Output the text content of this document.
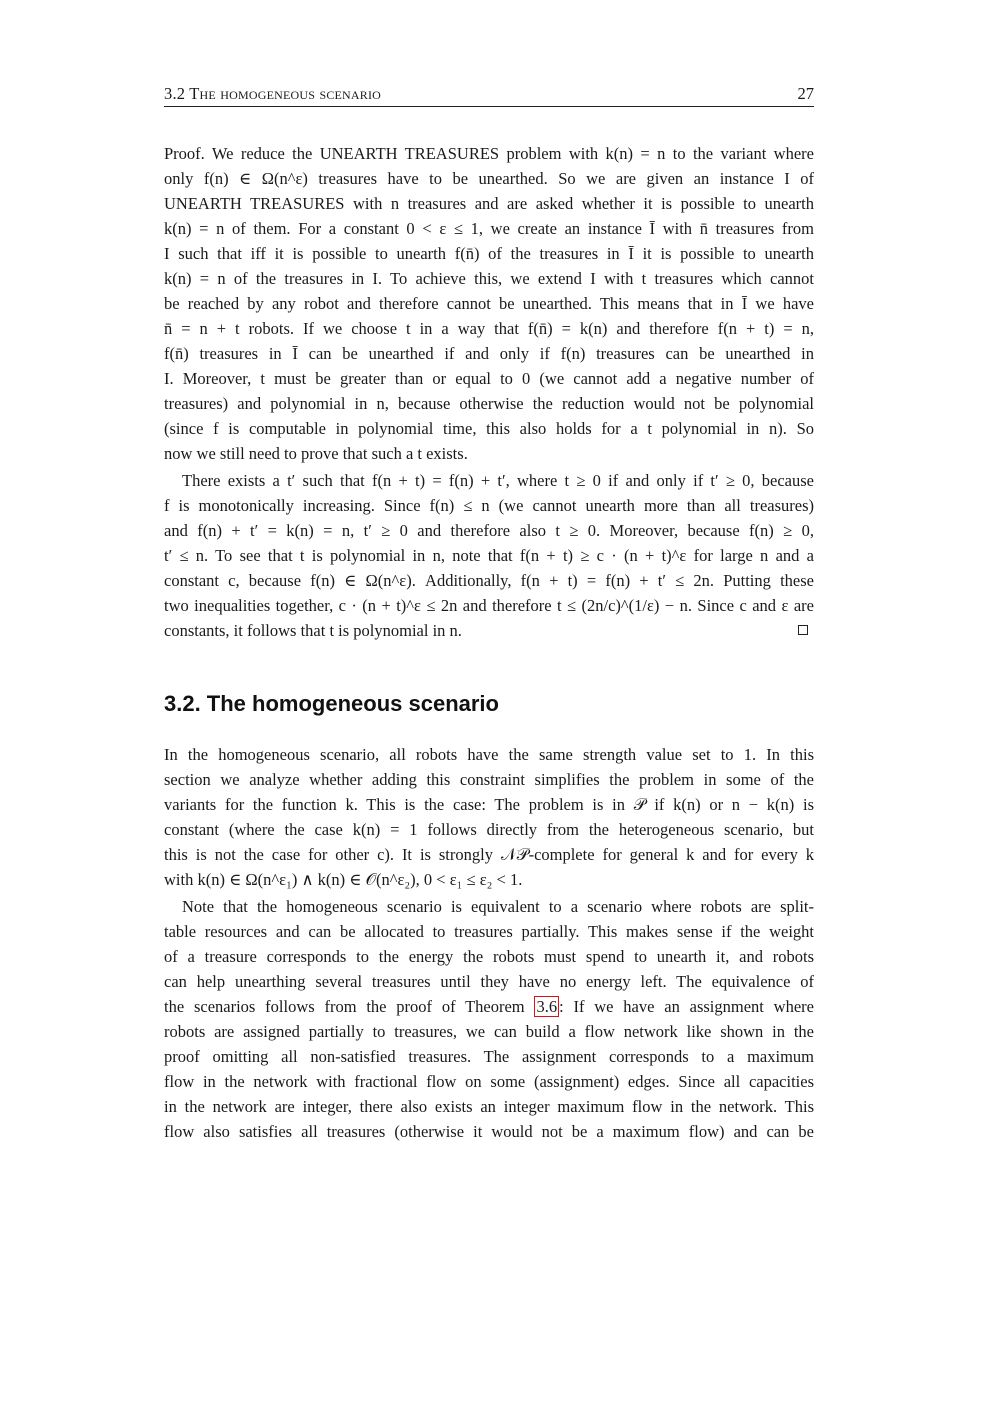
3.2 The homogeneous scenario	27
Proof. We reduce the UNEARTH TREASURES problem with k(n) = n to the variant where
only f(n) ∈ Ω(n^ε) treasures have to be unearthed. So we are given an instance I of
UNEARTH TREASURES with n treasures and are asked whether it is possible to unearth
k(n) = n of them. For a constant 0 < ε ≤ 1, we create an instance Ī with n̄ treasures from
I such that iff it is possible to unearth f(n̄) of the treasures in Ī it is possible to unearth
k(n) = n of the treasures in I. To achieve this, we extend I with t treasures which cannot
be reached by any robot and therefore cannot be unearthed. This means that in Ī we have
n̄ = n + t robots. If we choose t in a way that f(n̄) = k(n) and therefore f(n + t) = n,
f(n̄) treasures in Ī can be unearthed if and only if f(n) treasures can be unearthed in
I. Moreover, t must be greater than or equal to 0 (we cannot add a negative number of
treasures) and polynomial in n, because otherwise the reduction would not be polynomial
(since f is computable in polynomial time, this also holds for a t polynomial in n). So
now we still need to prove that such a t exists.
There exists a t′ such that f(n + t) = f(n) + t′, where t ≥ 0 if and only if t′ ≥ 0, because
f is monotonically increasing. Since f(n) ≤ n (we cannot unearth more than all treasures)
and f(n) + t′ = k(n) = n, t′ ≥ 0 and therefore also t ≥ 0. Moreover, because f(n) ≥ 0,
t′ ≤ n. To see that t is polynomial in n, note that f(n + t) ≥ c · (n + t)^ε for large n and a
constant c, because f(n) ∈ Ω(n^ε). Additionally, f(n + t) = f(n) + t′ ≤ 2n. Putting these
two inequalities together, c · (n + t)^ε ≤ 2n and therefore t ≤ (2n/c)^(1/ε) − n. Since c and ε are
constants, it follows that t is polynomial in n.
3.2. The homogeneous scenario
In the homogeneous scenario, all robots have the same strength value set to 1. In this
section we analyze whether adding this constraint simplifies the problem in some of the
variants for the function k. This is the case: The problem is in 𝒫 if k(n) or n − k(n) is
constant (where the case k(n) = 1 follows directly from the heterogeneous scenario, but
this is not the case for other c). It is strongly 𝒩𝒫-complete for general k and for every k
with k(n) ∈ Ω(n^ε₁) ∧ k(n) ∈ 𝒪(n^ε₂), 0 < ε₁ ≤ ε₂ < 1.
Note that the homogeneous scenario is equivalent to a scenario where robots are split-
table resources and can be allocated to treasures partially. This makes sense if the weight
of a treasure corresponds to the energy the robots must spend to unearth it, and robots
can help unearthing several treasures until they have no energy left. The equivalence of
the scenarios follows from the proof of Theorem 3.6 : If we have an assignment where
robots are assigned partially to treasures, we can build a flow network like shown in the
proof omitting all non-satisfied treasures. The assignment corresponds to a maximum
flow in the network with fractional flow on some (assignment) edges. Since all capacities
in the network are integer, there also exists an integer maximum flow in the network. This
flow also satisfies all treasures (otherwise it would not be a maximum flow) and can be
